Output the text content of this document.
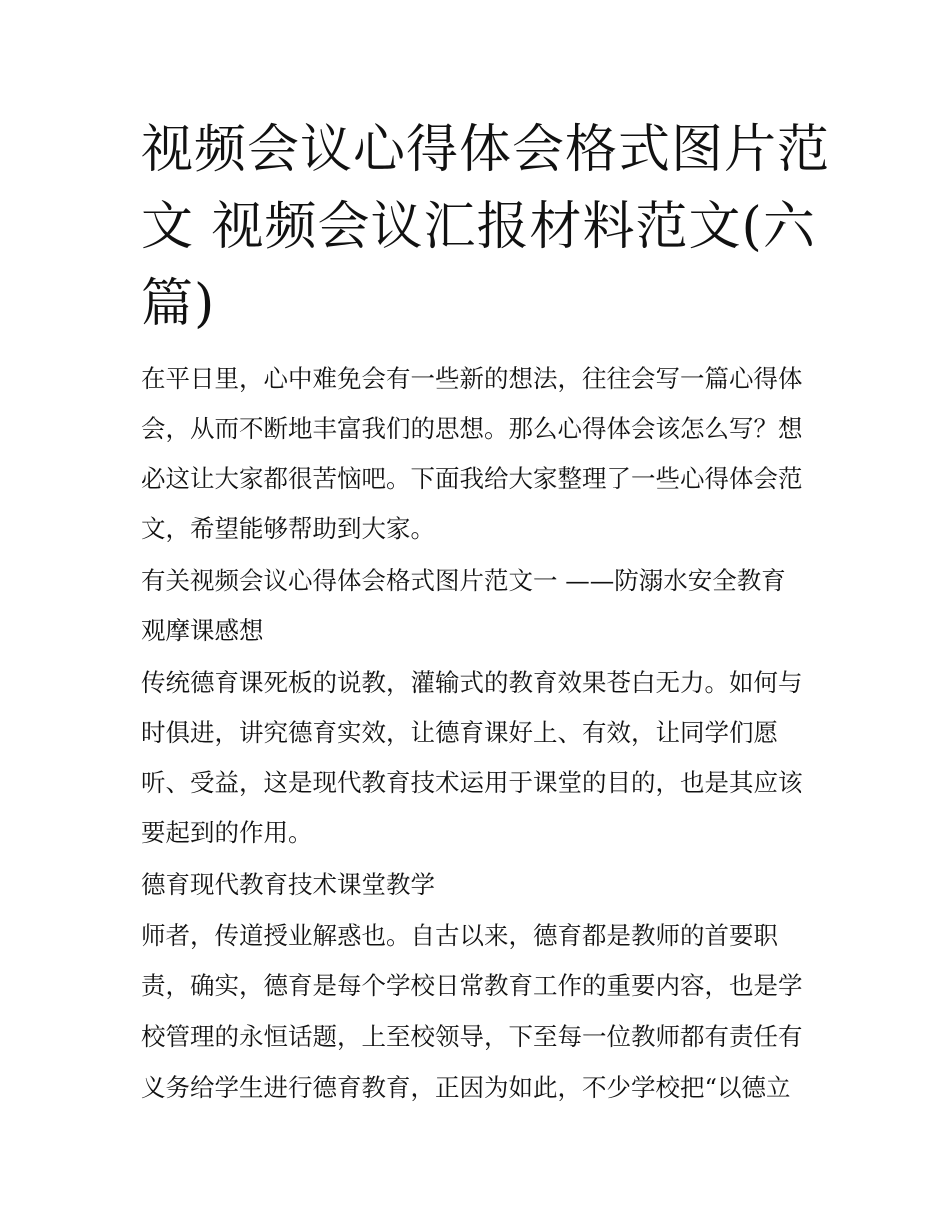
视频会议心得体会格式图片范
文 视频会议汇报材料范文(六
篇)
在平日里，心中难免会有一些新的想法，往往会写一篇心得体
会，从而不断地丰富我们的思想。那么心得体会该怎么写？想
必这让大家都很苦恼吧。下面我给大家整理了一些心得体会范
文，希望能够帮助到大家。
有关视频会议心得体会格式图片范文一 ——防溺水安全教育
观摩课感想
传统德育课死板的说教，灌输式的教育效果苍白无力。如何与
时俱进，讲究德育实效，让德育课好上、有效，让同学们愿
听、受益，这是现代教育技术运用于课堂的目的，也是其应该
要起到的作用。
德育现代教育技术课堂教学
师者，传道授业解惑也。自古以来，德育都是教师的首要职
责，确实，德育是每个学校日常教育工作的重要内容，也是学
校管理的永恒话题，上至校领导，下至每一位教师都有责任有
义务给学生进行德育教育，正因为如此，不少学校把“以德立
